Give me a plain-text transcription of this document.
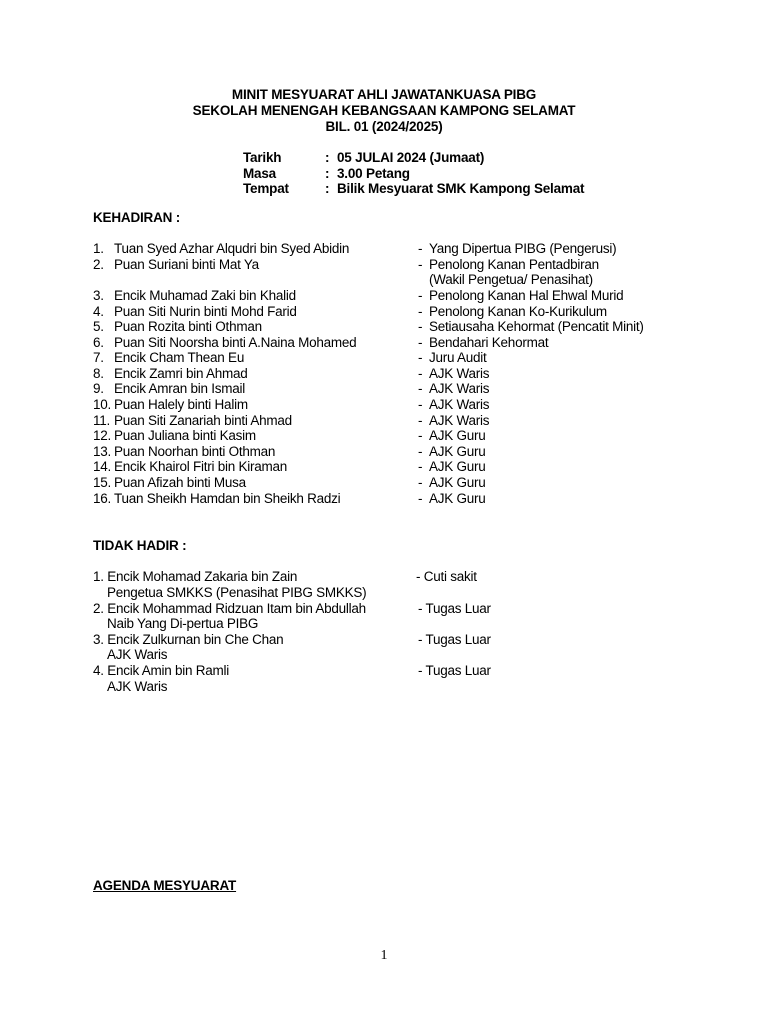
MINIT MESYUARAT AHLI JAWATANKUASA PIBG
SEKOLAH MENENGAH KEBANGSAAN KAMPONG SELAMAT
BIL. 01 (2024/2025)
Tarikh	: 05 JULAI 2024 (Jumaat)
Masa	: 3.00 Petang
Tempat	: Bilik Mesyuarat SMK Kampong Selamat
KEHADIRAN :
1. Tuan Syed Azhar Alqudri bin Syed Abidin	- Yang Dipertua PIBG (Pengerusi)
2. Puan Suriani binti Mat Ya	- Penolong Kanan Pentadbiran
(Wakil Pengetua/ Penasihat)
3. Encik Muhamad Zaki bin Khalid	- Penolong Kanan Hal Ehwal Murid
4. Puan Siti Nurin binti Mohd Farid	- Penolong Kanan Ko-Kurikulum
5. Puan Rozita binti Othman	- Setiausaha Kehormat (Pencatit Minit)
6. Puan Siti Noorsha binti A.Naina Mohamed	- Bendahari Kehormat
7. Encik Cham Thean Eu	- Juru Audit
8. Encik Zamri bin Ahmad	- AJK Waris
9. Encik Amran bin Ismail	- AJK Waris
10. Puan Halely binti Halim	- AJK Waris
11. Puan Siti Zanariah binti Ahmad	- AJK Waris
12. Puan Juliana binti Kasim	- AJK Guru
13. Puan Noorhan binti Othman	- AJK Guru
14. Encik Khairol Fitri bin Kiraman	- AJK Guru
15. Puan Afizah binti Musa	- AJK Guru
16. Tuan Sheikh Hamdan bin Sheikh Radzi	- AJK Guru
TIDAK HADIR :
1. Encik Mohamad Zakaria bin Zain	- Cuti sakit
Pengetua SMKKS (Penasihat PIBG SMKKS)
2. Encik Mohammad Ridzuan Itam bin Abdullah	- Tugas Luar
Naib Yang Di-pertua PIBG
3. Encik Zulkurnan bin Che Chan	- Tugas Luar
AJK Waris
4. Encik Amin bin Ramli	- Tugas Luar
AJK Waris
AGENDA MESYUARAT
1
